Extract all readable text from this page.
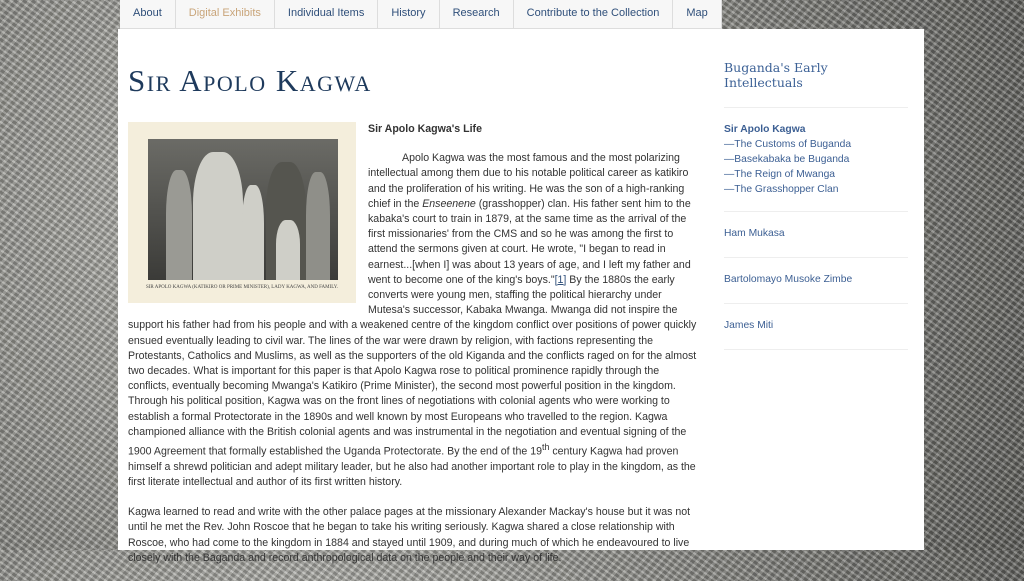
About	Digital Exhibits	Individual Items	History	Research	Contribute to the Collection	Map
Sir Apolo Kagwa
SIR APOLO KAGWA (KATIKIRO OR PRIME MINISTER), LADY KAGWA, AND FAMILY.
Sir Apolo Kagwa's Life

Apolo Kagwa was the most famous and the most polarizing intellectual among them due to his notable political career as katikiro and the proliferation of his writing. He was the son of a high-ranking chief in the Enseenene (grasshopper) clan. His father sent him to the kabaka's court to train in 1879, at the same time as the arrival of the first missionaries' from the CMS and so he was among the first to attend the sermons given at court. He wrote, "I began to read in earnest...[when I] was about 13 years of age, and I left my father and went to become one of the king's boys."[1] By the 1880s the early converts were young men, staffing the political hierarchy under Mutesa's successor, Kabaka Mwanga. Mwanga did not inspire the support his father had from his people and with a weakened centre of the kingdom conflict over positions of power quickly ensued eventually leading to civil war. The lines of the war were drawn by religion, with factions representing the Protestants, Catholics and Muslims, as well as the supporters of the old Kiganda and the conflicts raged on for the almost two decades. What is important for this paper is that Apolo Kagwa rose to political prominence rapidly through the conflicts, eventually becoming Mwanga's Katikiro (Prime Minister), the second most powerful position in the kingdom. Through his political position, Kagwa was on the front lines of negotiations with colonial agents who were working to establish a formal Protectorate in the 1890s and well known by most Europeans who travelled to the region. Kagwa championed alliance with the British colonial agents and was instrumental in the negotiation and eventual signing of the 1900 Agreement that formally established the Uganda Protectorate. By the end of the 19th century Kagwa had proven himself a shrewd politician and adept military leader, but he also had another important role to play in the kingdom, as the first literate intellectual and author of its first written history.

Kagwa learned to read and write with the other palace pages at the missionary Alexander Mackay's house but it was not until he met the Rev. John Roscoe that he began to take his writing seriously. Kagwa shared a close relationship with Roscoe, who had come to the kingdom in 1884 and stayed until 1909, and during much of which he endeavoured to live closely with the Baganda and record anthropological data on the people and their way of life.

Buganda's Early Intellectuals
Sir Apolo Kagwa
—The Customs of Buganda
—Basekabaka be Buganda
—The Reign of Mwanga
—The Grasshopper Clan
Ham Mukasa
Bartolomayo Musoke Zimbe
James Miti
